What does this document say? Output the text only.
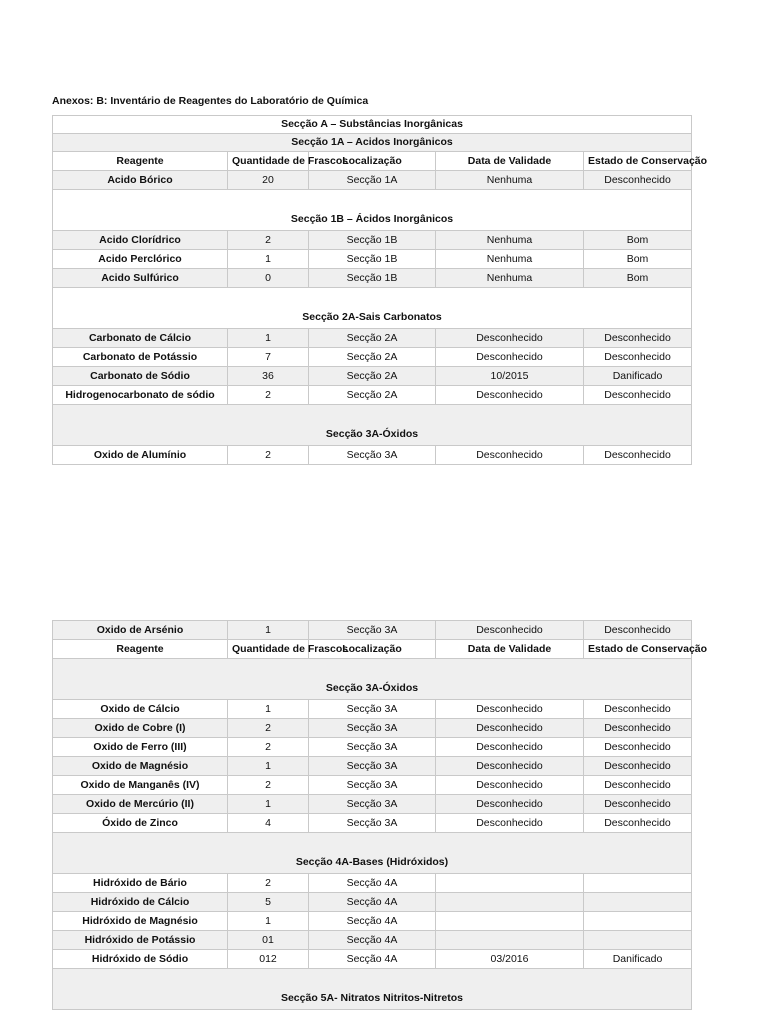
Anexos: B: Inventário de Reagentes do Laboratório de Química
Secção A – Substâncias Inorgânicas				
Secção 1A – Acidos Inorgânicos				
Reagente	Quantidade de Frascos	Localização	Data de Validade	Estado de Conservação
Acido Bórico	20	Secção 1A	Nenhuma	Desconhecido
Secção 1B – Ácidos Inorgânicos				
Acido Clorídrico	2	Secção 1B	Nenhuma	Bom
Acido Perclórico	1	Secção 1B	Nenhuma	Bom
Acido Sulfúrico	0	Secção 1B	Nenhuma	Bom
Secção 2A-Sais Carbonatos				
Carbonato de Cálcio	1	Secção 2A	Desconhecido	Desconhecido
Carbonato de Potássio	7	Secção 2A	Desconhecido	Desconhecido
Carbonato de Sódio	36	Secção 2A	10/2015	Danificado
Hidrogenocarbonato de sódio	2	Secção 2A	Desconhecido	Desconhecido
Secção 3A-Óxidos				
Oxido de Alumínio	2	Secção 3A	Desconhecido	Desconhecido
Oxido de Arsénio	1	Secção 3A	Desconhecido	Desconhecido
Reagente	Quantidade de Frascos	Localização	Data de Validade	Estado de Conservação
Secção 3A-Óxidos				
Oxido de Cálcio	1	Secção 3A	Desconhecido	Desconhecido
Oxido de Cobre (I)	2	Secção 3A	Desconhecido	Desconhecido
Oxido de Ferro (III)	2	Secção 3A	Desconhecido	Desconhecido
Oxido de Magnésio	1	Secção 3A	Desconhecido	Desconhecido
Oxido de Manganês (IV)	2	Secção 3A	Desconhecido	Desconhecido
Oxido de Mercúrio (II)	1	Secção 3A	Desconhecido	Desconhecido
Óxido de Zinco	4	Secção 3A	Desconhecido	Desconhecido
Secção 4A-Bases (Hidróxidos)				
Hidróxido de Bário	2	Secção 4A		
Hidróxido de Cálcio	5	Secção 4A		
Hidróxido de Magnésio	1	Secção 4A		
Hidróxido de Potássio	01	Secção 4A		
Hidróxido de Sódio	012	Secção 4A	03/2016	Danificado
Secção 5A- Nitratos Nitritos-Nitretos				
